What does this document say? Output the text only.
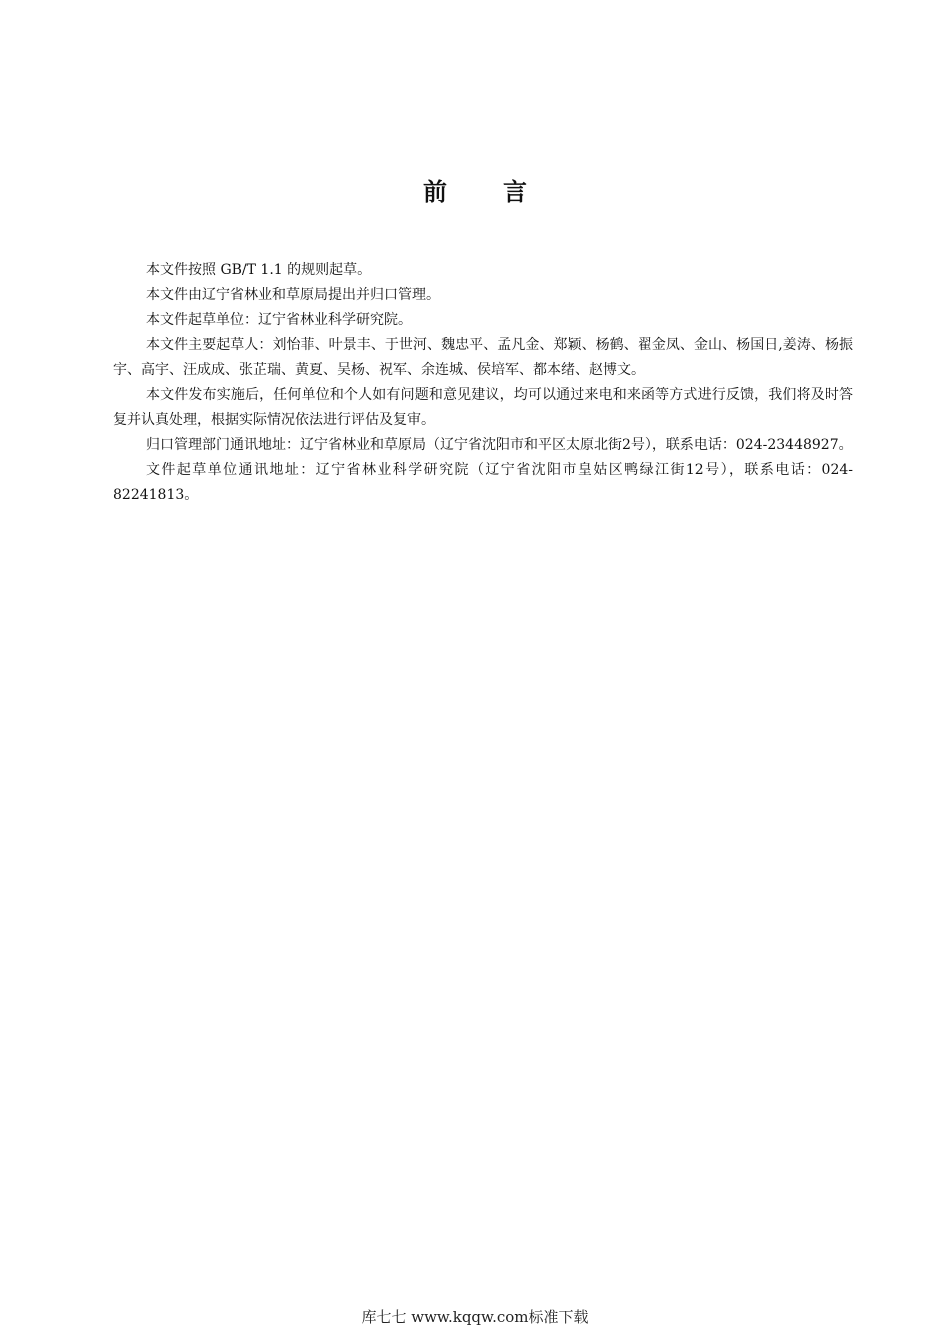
前言

本文件按照 GB/T 1.1 的规则起草。

本文件由辽宁省林业和草原局提出并归口管理。

本文件起草单位：辽宁省林业科学研究院。

本文件主要起草人：刘怡菲、叶景丰、于世河、魏忠平、孟凡金、郑颖、杨鹤、翟金凤、金山、杨国日,姜涛、杨振宇、高宇、汪成成、张芷瑞、黄夏、吴杨、祝军、余连城、侯培军、都本绪、赵博文。

本文件发布实施后，任何单位和个人如有问题和意见建议，均可以通过来电和来函等方式进行反馈，我们将及时答复并认真处理，根据实际情况依法进行评估及复审。

归口管理部门通讯地址：辽宁省林业和草原局（辽宁省沈阳市和平区太原北街2号），联系电话：024-23448927。

文件起草单位通讯地址：辽宁省林业科学研究院（辽宁省沈阳市皇姑区鸭绿江街12号），联系电话：024-82241813。

库七七 www.kqqw.com标准下载
